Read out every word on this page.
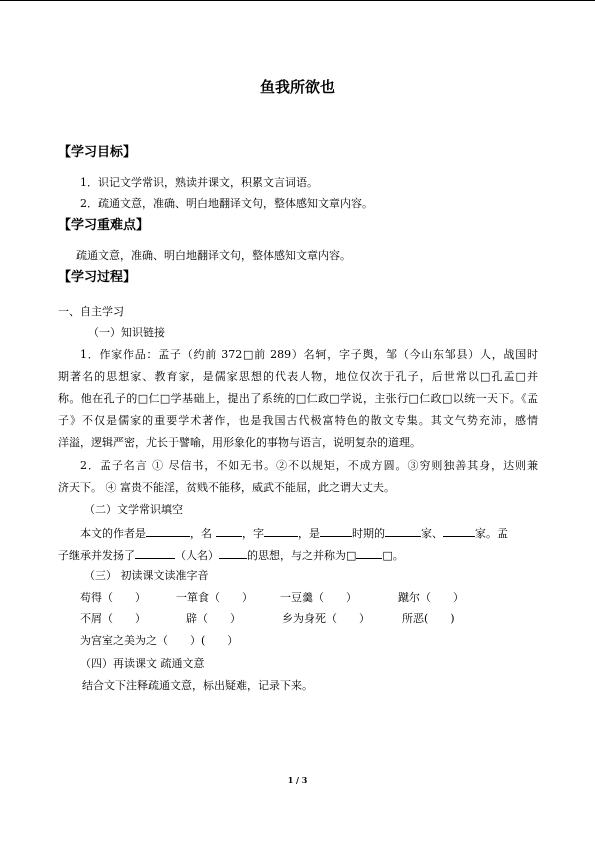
鱼我所欲也
【学习目标】
1．识记文学常识，熟读并课文，积累文言词语。
2．疏通文意，准确、明白地翻译文句，整体感知文章内容。
【学习重难点】
疏通文意，准确、明白地翻译文句，整体感知文章内容。
【学习过程】
一、自主学习
（一）知识链接
1．作家作品：孟子（约前 372□前 289）名轲，字子舆，邹（今山东邹县）人，战国时
期著名的思想家、教育家，是儒家思想的代表人物，地位仅次于孔子，后世常以□孔孟□并
称。他在孔子的□仁□学基础上，提出了系统的□仁政□学说，主张行□仁政□以统一天下。《孟
子》不仅是儒家的重要学术著作，也是我国古代极富特色的散文专集。其文气势充沛，感情
洋溢，逻辑严密，尤长于譬喻，用形象化的事物与语言，说明复杂的道理。
2．孟子名言 ① 尽信书，不如无书。②不以规矩，不成方圆。③穷则独善其身，达则兼
济天下。 ④ 富贵不能淫，贫贱不能移，威武不能屈，此之谓大丈夫。
（二）文学常识填空
本文的作者是	，名	，字	，是	时期的	家、	家。孟
子继承并发扬了	（人名）	的思想，与之并称为□ □。
（三） 初读课文读准字音
苟得（　　）	一箪食（　　） 一豆羹（　　）	蹴尔（　　）
不屑（　　）	辟（　　）	乡为身死（　　）	所恶(　　)
为宫室之美为之（　　）(　　）
（四）再读课文 疏通文意
结合文下注释疏通文意，标出疑难，记录下来。
1 / 3
